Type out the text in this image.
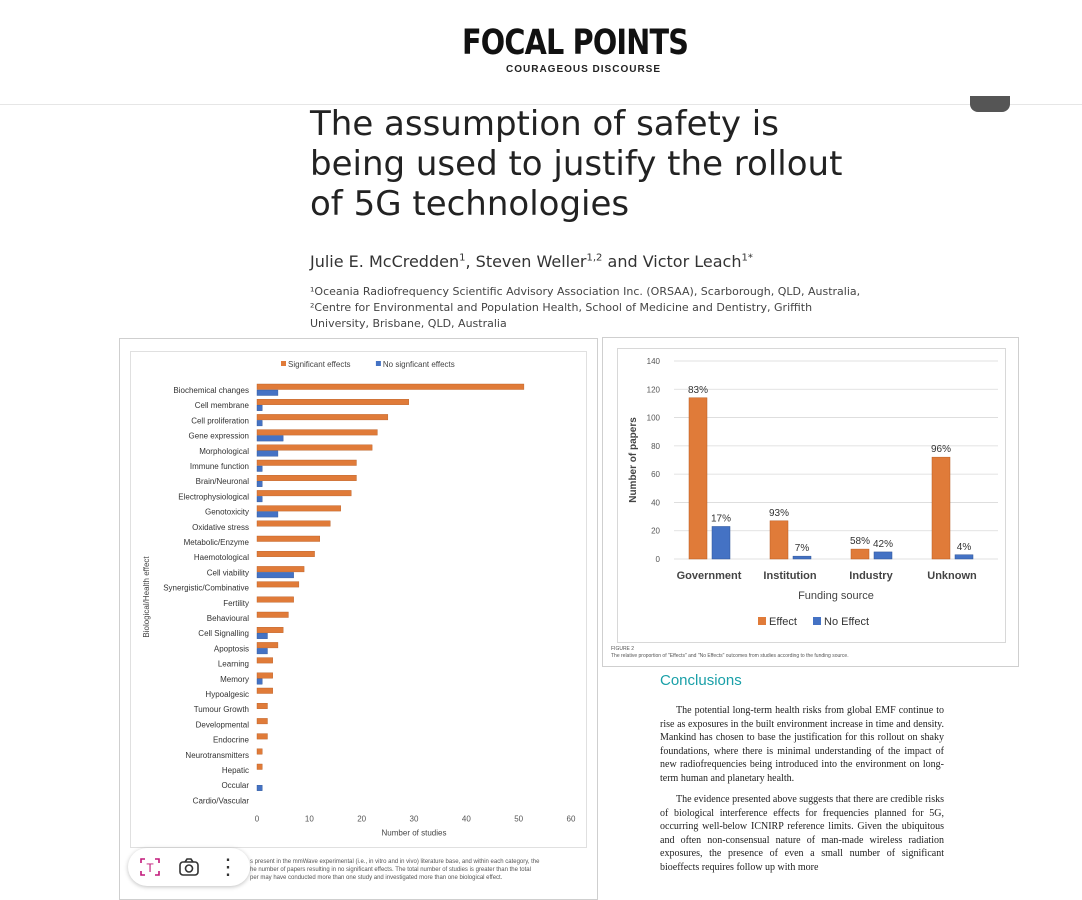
FOCAL POINTS
COURAGEOUS DISCOURSE
The assumption of safety is being used to justify the rollout of 5G technologies
Julie E. McCredden$^1$, Steven Weller$^{1,2}$ and Victor Leach$^{1*}$
¹Oceania Radiofrequency Scientific Advisory Association Inc. (ORSAA), Scarborough, QLD, Australia, ²Centre for Environmental and Population Health, School of Medicine and Dentistry, Griffith University, Brisbane, QLD, Australia
Significant effects	No signficant effects
Biochemical changes
Cell membrane
Cell proliferation
Gene expression
Morphological
Immune function
Brain/Neuronal
Electrophysiological
Genotoxicity
Oxidative stress
Metabolic/Enzyme
Haemotological
Cell viability
Synergistic/Combinative
Fertility
Behavioural
Cell Signalling
Apoptosis
Learning
Memory
Hypoalgesic
Tumour Growth
Developmental
Endocrine
Neurotransmitters
Hepatic
Occular
Cardio/Vascular
0	10	20	30	40	50	60
Number of studies
Biological/Health effect
s present in the mmWave experimental (i.e., in vitro and in vivo) literature base, and within each category, the
he number of papers resulting in no significant effects. The total number of studies is greater than the total
per may have conducted more than one study and investigated more than one biological effect.
0
20
40
60
80
100
120
140
Number of papers
83%
17%
Government
93%
7%
Institution
58% 42%
Industry
96%
4%
Unknown
Funding source
Effect No Effect
FIGURE 2
The relative proportion of "Effects" and "No Effects" outcomes from studies according to the funding source.
Conclusions

The potential long-term health risks from global EMF continue to rise as exposures in the built environment increase in time and density. Mankind has chosen to base the justification for this rollout on shaky foundations, where there is minimal understanding of the impact of new radiofrequencies being introduced into the environment on long-term human and planetary health.

The evidence presented above suggests that there are credible risks of biological interference effects for frequencies planned for 5G, occurring well-below ICNIRP reference limits. Given the ubiquitous and often non-consensual nature of man-made wireless radiation exposures, the presence of even a small number of significant bioeffects requires follow up with more

T	⋮
